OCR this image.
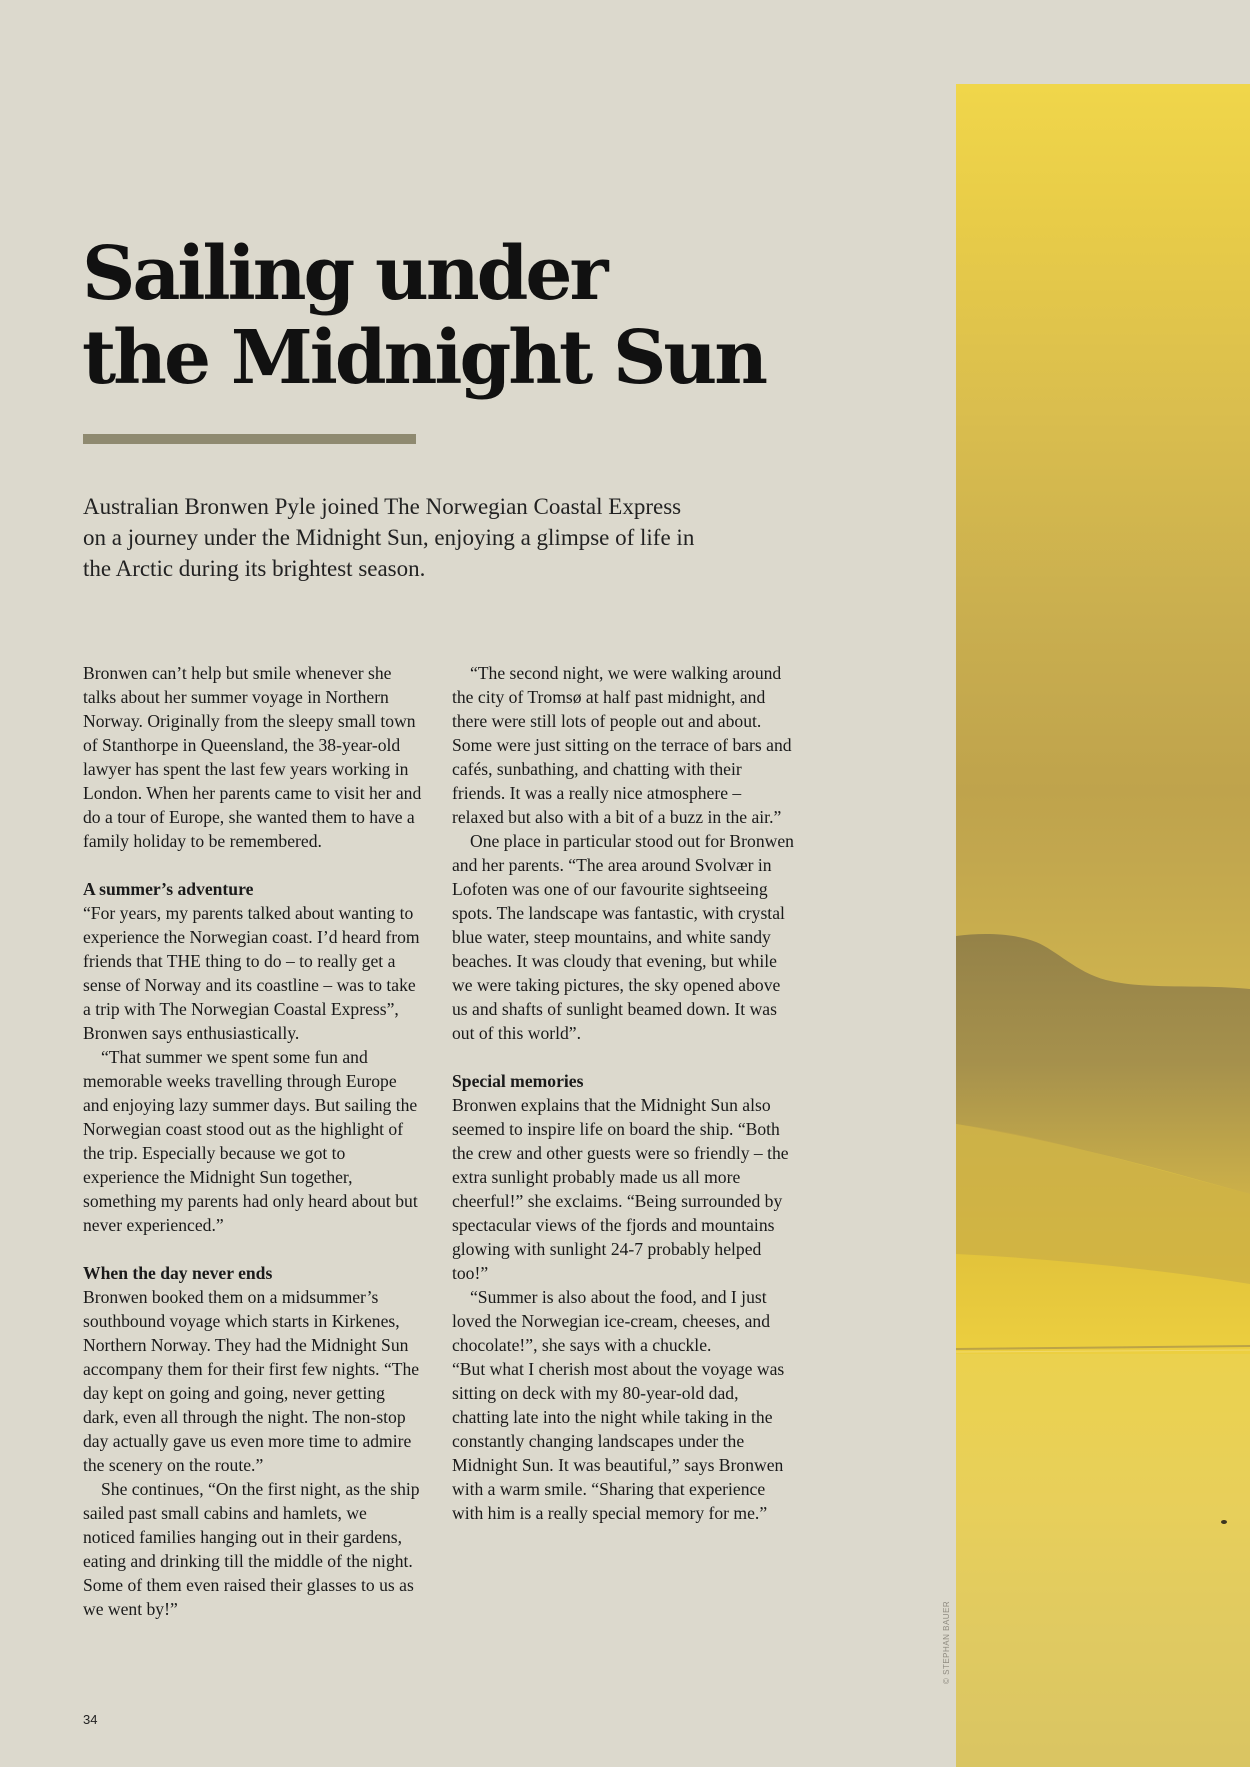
© STEPHAN BAUER
Sailing under
the Midnight Sun

Australian Bronwen Pyle joined The Norwegian Coastal Express on a journey under the Midnight Sun, enjoying a glimpse of life in the Arctic during its brightest season.

Bronwen can’t help but smile whenever she talks about her summer voyage in Northern Norway. Originally from the sleepy small town of Stanthorpe in Queensland, the 38-year-old lawyer has spent the last few years working in London. When her parents came to visit her and do a tour of Europe, she wanted them to have a family holiday to be remembered.

A summer’s adventure

“For years, my parents talked about wanting to experience the Norwegian coast. I’d heard from friends that THE thing to do – to really get a sense of Norway and its coastline – was to take a trip with The Norwegian Coastal Express”, Bronwen says enthusiastically.

“That summer we spent some fun and memorable weeks travelling through Europe and enjoying lazy summer days. But sailing the Norwegian coast stood out as the highlight of the trip. Especially because we got to experience the Midnight Sun together, something my parents had only heard about but never experienced.”

When the day never ends

Bronwen booked them on a midsummer’s southbound voyage which starts in Kirkenes, Northern Norway. They had the Midnight Sun accompany them for their first few nights. “The day kept on going and going, never getting dark, even all through the night. The non-stop day actually gave us even more time to admire the scenery on the route.”

She continues, “On the first night, as the ship sailed past small cabins and hamlets, we noticed families hanging out in their gardens, eating and drinking till the middle of the night. Some of them even raised their glasses to us as we went by!”

“The second night, we were walking around the city of Tromsø at half past midnight, and there were still lots of people out and about. Some were just sitting on the terrace of bars and cafés, sunbathing, and chatting with their friends. It was a really nice atmosphere – relaxed but also with a bit of a buzz in the air.”

One place in particular stood out for Bronwen and her parents. “The area around Svolvær in Lofoten was one of our favourite sightseeing spots. The landscape was fantastic, with crystal blue water, steep mountains, and white sandy beaches. It was cloudy that evening, but while we were taking pictures, the sky opened above us and shafts of sunlight beamed down. It was out of this world”.

Special memories

Bronwen explains that the Midnight Sun also seemed to inspire life on board the ship. “Both the crew and other guests were so friendly – the extra sunlight probably made us all more cheerful!” she exclaims. “Being surrounded by spectacular views of the fjords and mountains glowing with sunlight 24-7 probably helped too!”

“Summer is also about the food, and I just loved the Norwegian ice-cream, cheeses, and chocolate!”, she says with a chuckle.

“But what I cherish most about the voyage was sitting on deck with my 80-year-old dad, chatting late into the night while taking in the constantly changing landscapes under the Midnight Sun. It was beautiful,” says Bronwen with a warm smile. “Sharing that experience with him is a really special memory for me.”

34
